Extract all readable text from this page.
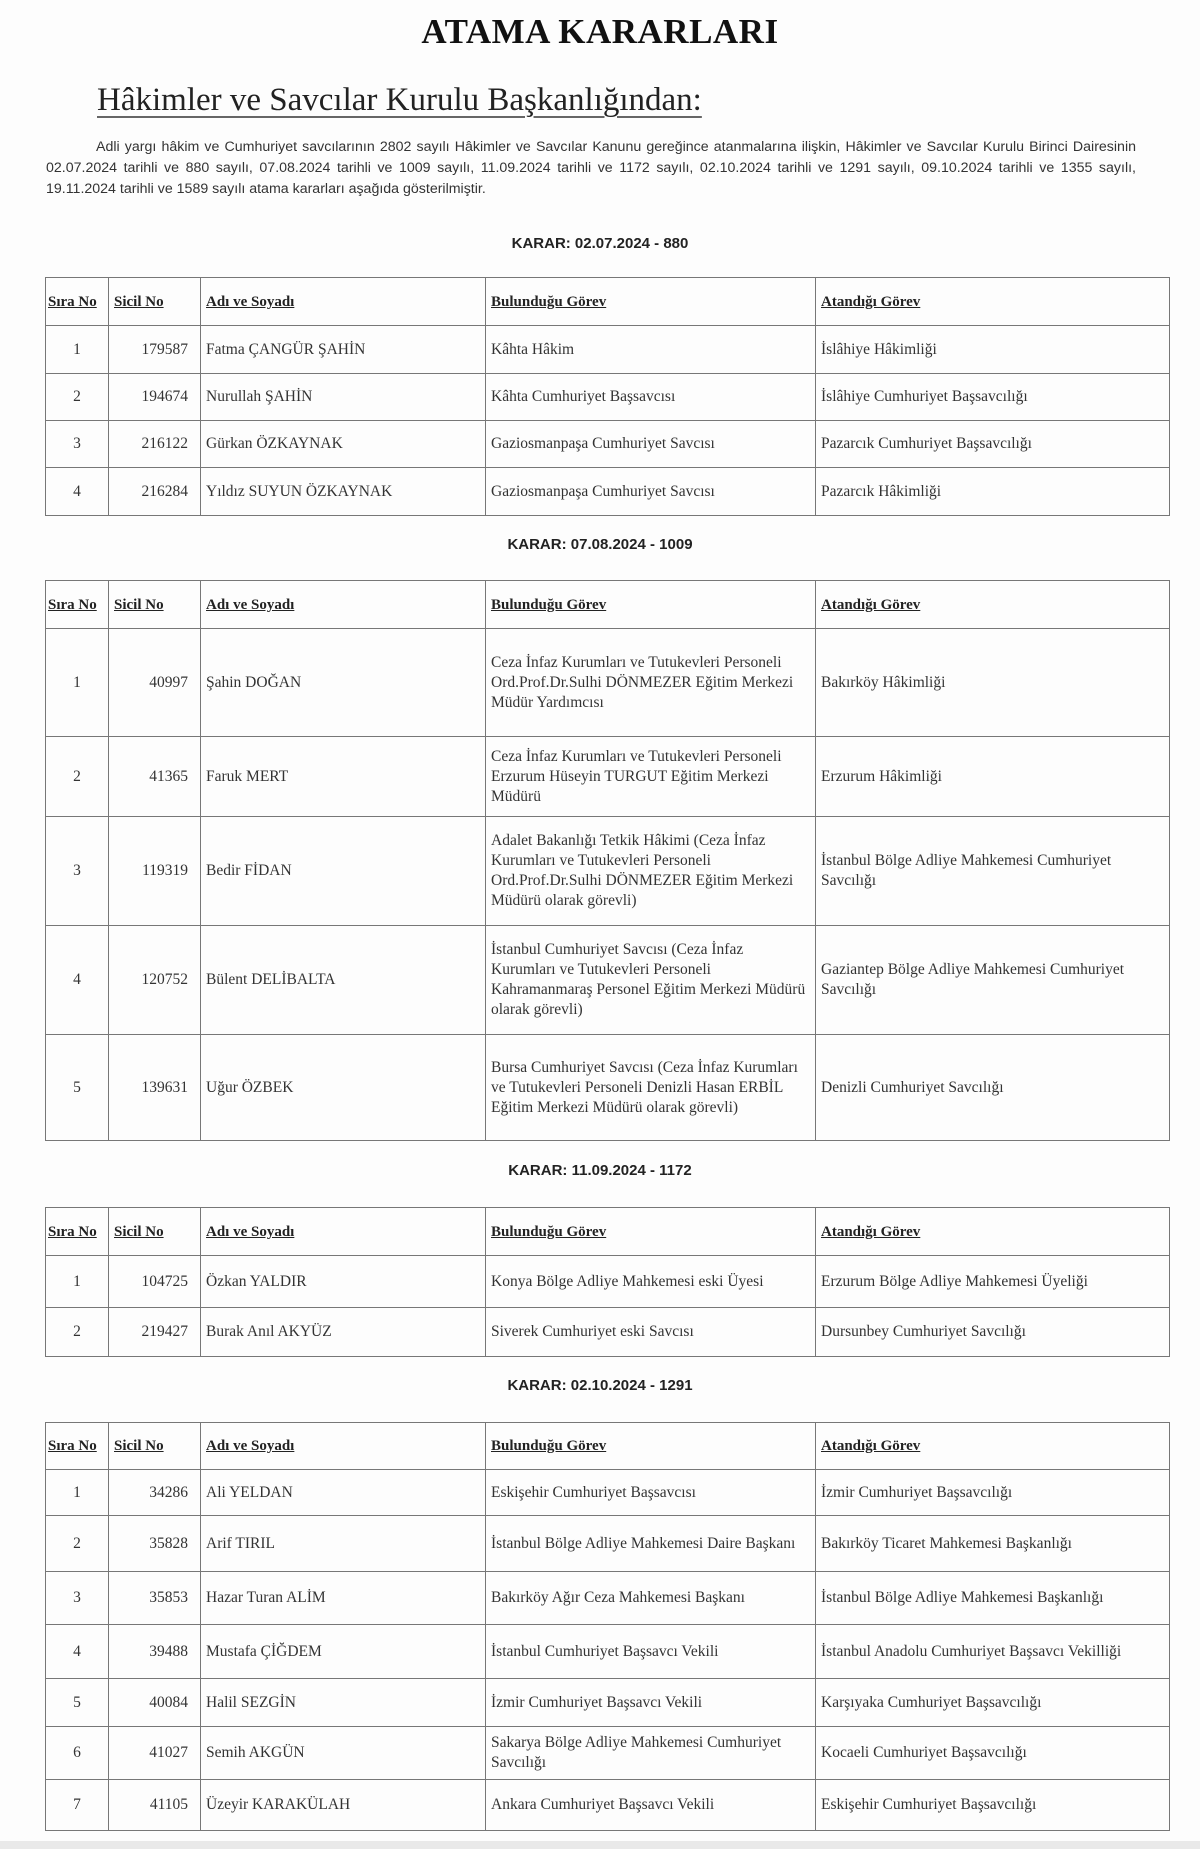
ATAMA KARARLARI
Hâkimler ve Savcılar Kurulu Başkanlığından:
Adli yargı hâkim ve Cumhuriyet savcılarının 2802 sayılı Hâkimler ve Savcılar Kanunu gereğince atanmalarına ilişkin, Hâkimler ve Savcılar Kurulu Birinci Dairesinin 02.07.2024 tarihli ve 880 sayılı, 07.08.2024 tarihli ve 1009 sayılı, 11.09.2024 tarihli ve 1172 sayılı, 02.10.2024 tarihli ve 1291 sayılı, 09.10.2024 tarihli ve 1355 sayılı, 19.11.2024 tarihli ve 1589 sayılı atama kararları aşağıda gösterilmiştir.
KARAR: 02.07.2024 - 880
Sıra No	Sicil No	Adı ve Soyadı	Bulunduğu Görev	Atandığı Görev
1	179587	Fatma ÇANGÜR ŞAHİN	Kâhta Hâkim	İslâhiye Hâkimliği
2	194674	Nurullah ŞAHİN	Kâhta Cumhuriyet Başsavcısı	İslâhiye Cumhuriyet Başsavcılığı
3	216122	Gürkan ÖZKAYNAK	Gaziosmanpaşa Cumhuriyet Savcısı	Pazarcık Cumhuriyet Başsavcılığı
4	216284	Yıldız SUYUN ÖZKAYNAK	Gaziosmanpaşa Cumhuriyet Savcısı	Pazarcık Hâkimliği
KARAR: 07.08.2024 - 1009
Sıra No	Sicil No	Adı ve Soyadı	Bulunduğu Görev	Atandığı Görev
1	40997	Şahin DOĞAN	Ceza İnfaz Kurumları ve Tutukevleri Personeli Ord.Prof.Dr.Sulhi DÖNMEZER Eğitim Merkezi Müdür Yardımcısı	Bakırköy Hâkimliği
2	41365	Faruk MERT	Ceza İnfaz Kurumları ve Tutukevleri Personeli Erzurum Hüseyin TURGUT Eğitim Merkezi Müdürü	Erzurum Hâkimliği
3	119319	Bedir FİDAN	Adalet Bakanlığı Tetkik Hâkimi (Ceza İnfaz Kurumları ve Tutukevleri Personeli Ord.Prof.Dr.Sulhi DÖNMEZER Eğitim Merkezi Müdürü olarak görevli)	İstanbul Bölge Adliye Mahkemesi Cumhuriyet Savcılığı
4	120752	Bülent DELİBALTA	İstanbul Cumhuriyet Savcısı (Ceza İnfaz Kurumları ve Tutukevleri Personeli Kahramanmaraş Personel Eğitim Merkezi Müdürü olarak görevli)	Gaziantep Bölge Adliye Mahkemesi Cumhuriyet Savcılığı
5	139631	Uğur ÖZBEK	Bursa Cumhuriyet Savcısı (Ceza İnfaz Kurumları ve Tutukevleri Personeli Denizli Hasan ERBİL Eğitim Merkezi Müdürü olarak görevli)	Denizli Cumhuriyet Savcılığı
KARAR: 11.09.2024 - 1172
Sıra No	Sicil No	Adı ve Soyadı	Bulunduğu Görev	Atandığı Görev
1	104725	Özkan YALDIR	Konya Bölge Adliye Mahkemesi eski Üyesi	Erzurum Bölge Adliye Mahkemesi Üyeliği
2	219427	Burak Anıl AKYÜZ	Siverek Cumhuriyet eski Savcısı	Dursunbey Cumhuriyet Savcılığı
KARAR: 02.10.2024 - 1291
Sıra No	Sicil No	Adı ve Soyadı	Bulunduğu Görev	Atandığı Görev
1	34286	Ali YELDAN	Eskişehir Cumhuriyet Başsavcısı	İzmir Cumhuriyet Başsavcılığı
2	35828	Arif TIRIL	İstanbul Bölge Adliye Mahkemesi Daire Başkanı	Bakırköy Ticaret Mahkemesi Başkanlığı
3	35853	Hazar Turan ALİM	Bakırköy Ağır Ceza Mahkemesi Başkanı	İstanbul Bölge Adliye Mahkemesi Başkanlığı
4	39488	Mustafa ÇİĞDEM	İstanbul Cumhuriyet Başsavcı Vekili	İstanbul Anadolu Cumhuriyet Başsavcı Vekilliği
5	40084	Halil SEZGİN	İzmir Cumhuriyet Başsavcı Vekili	Karşıyaka Cumhuriyet Başsavcılığı
6	41027	Semih AKGÜN	Sakarya Bölge Adliye Mahkemesi Cumhuriyet Savcılığı	Kocaeli Cumhuriyet Başsavcılığı
7	41105	Üzeyir KARAKÜLAH	Ankara Cumhuriyet Başsavcı Vekili	Eskişehir Cumhuriyet Başsavcılığı
